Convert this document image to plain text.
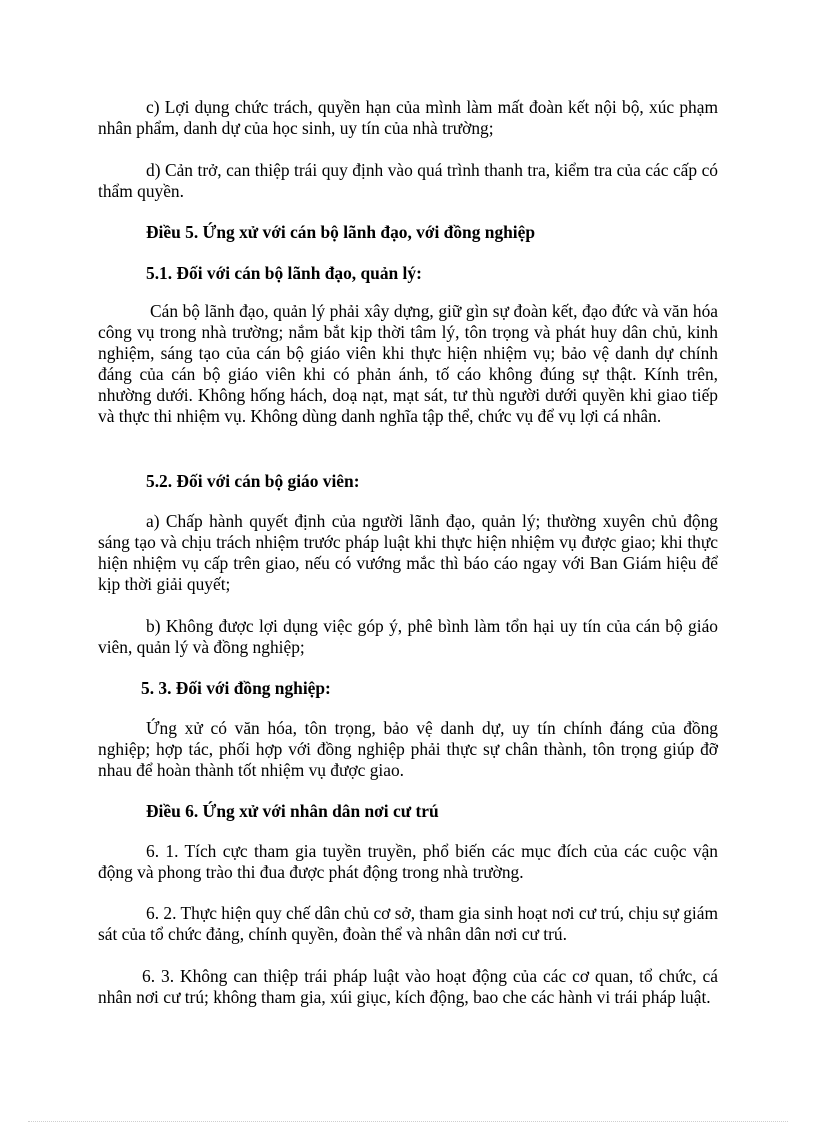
c) Lợi dụng chức trách, quyền hạn của mình làm mất đoàn kết nội bộ, xúc phạm nhân phẩm, danh dự của học sinh, uy tín của nhà trường;

d) Cản trở, can thiệp trái quy định vào quá trình thanh tra, kiểm tra của các cấp có thẩm quyền.

Điều 5. Ứng xử với cán bộ lãnh đạo, với đồng nghiệp

5.1. Đối với cán bộ lãnh đạo, quản lý:

Cán bộ lãnh đạo, quản lý phải xây dựng, giữ gìn sự đoàn kết, đạo đức và văn hóa công vụ trong nhà trường; nắm bắt kịp thời tâm lý, tôn trọng và phát huy dân chủ, kinh nghiệm, sáng tạo của cán bộ giáo viên khi thực hiện nhiệm vụ; bảo vệ danh dự chính đáng của cán bộ giáo viên khi có phản ánh, tố cáo không đúng sự thật. Kính trên, nhường dưới. Không hống hách, doạ nạt, mạt sát, tư thù người dưới quyền khi giao tiếp và thực thi nhiệm vụ. Không dùng danh nghĩa tập thể, chức vụ để vụ lợi cá nhân.

5.2. Đối với cán bộ giáo viên:

a) Chấp hành quyết định của người lãnh đạo, quản lý; thường xuyên chủ động sáng tạo và chịu trách nhiệm trước pháp luật khi thực hiện nhiệm vụ được giao; khi thực hiện nhiệm vụ cấp trên giao, nếu có vướng mắc thì báo cáo ngay với Ban Giám hiệu để kịp thời giải quyết;

b) Không được lợi dụng việc góp ý, phê bình làm tổn hại uy tín của cán bộ giáo viên, quản lý và đồng nghiệp;

5. 3. Đối với đồng nghiệp:

Ứng xử có văn hóa, tôn trọng, bảo vệ danh dự, uy tín chính đáng của đồng nghiệp; hợp tác, phối hợp với đồng nghiệp phải thực sự chân thành, tôn trọng giúp đỡ nhau để hoàn thành tốt nhiệm vụ được giao.

Điều 6. Ứng xử với nhân dân nơi cư trú

6. 1. Tích cực tham gia tuyền truyền, phổ biến các mục đích của các cuộc vận động và phong trào thi đua được phát động trong nhà trường.

6. 2. Thực hiện quy chế dân chủ cơ sở, tham gia sinh hoạt nơi cư trú, chịu sự giám sát của tổ chức đảng, chính quyền, đoàn thể và nhân dân nơi cư trú.

6. 3. Không can thiệp trái pháp luật vào hoạt động của các cơ quan, tổ chức, cá nhân nơi cư trú; không tham gia, xúi giục, kích động, bao che các hành vi trái pháp luật.
